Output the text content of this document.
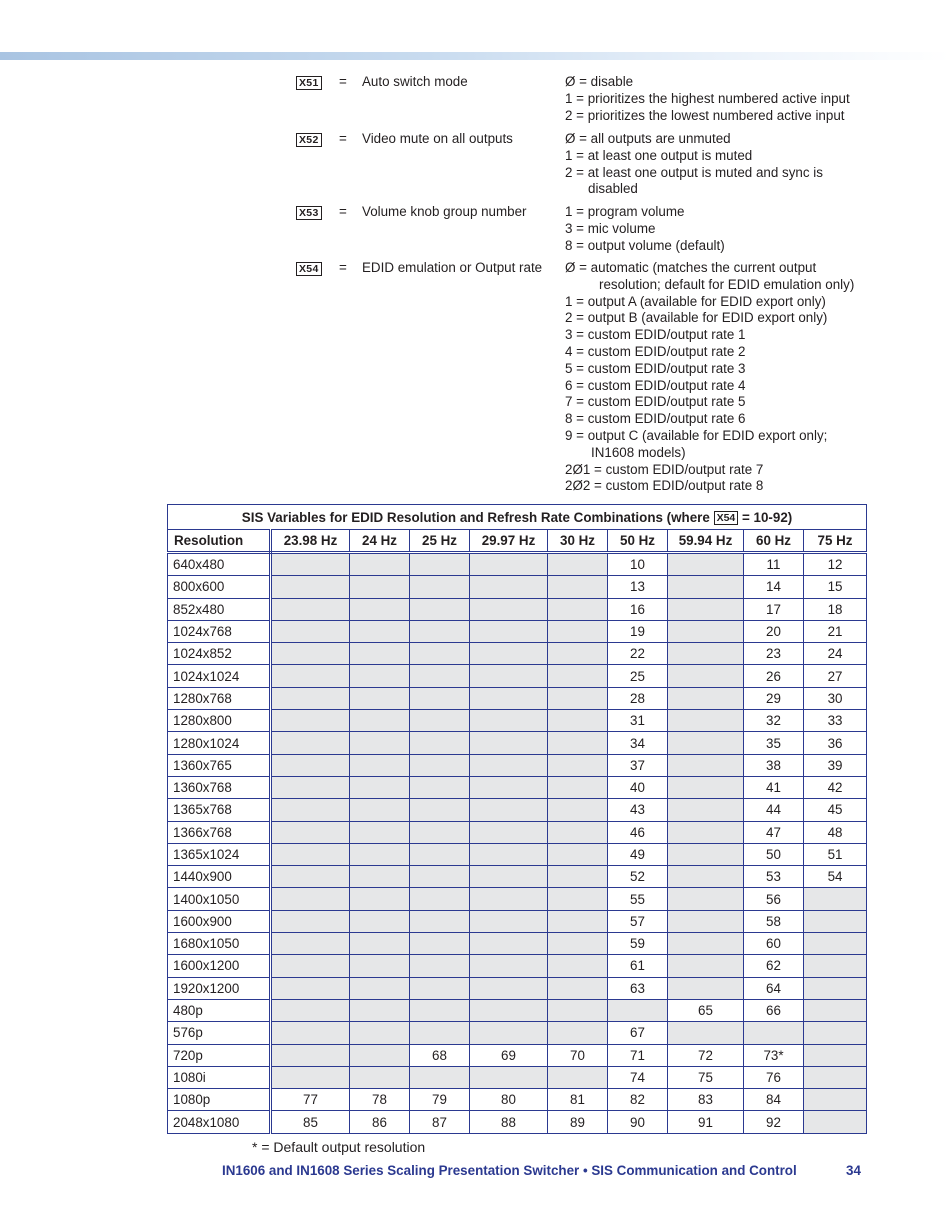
X51 = Auto switch mode	Ø = disable
1 = prioritizes the highest numbered active input
2 = prioritizes the lowest numbered active input
X52 = Video mute on all outputs	Ø = all outputs are unmuted
1 = at least one output is muted
2 = at least one output is muted and sync is
disabled
X53 = Volume knob group number	1 = program volume
3 = mic volume
8 = output volume (default)
X54 = EDID emulation or Output rate	Ø = automatic (matches the current output
resolution; default for EDID emulation only)
1 = output A (available for EDID export only)
2 = output B (available for EDID export only)
3 = custom EDID/output rate 1
4 = custom EDID/output rate 2
5 = custom EDID/output rate 3
6 = custom EDID/output rate 4
7 = custom EDID/output rate 5
8 = custom EDID/output rate 6
9 = output C (available for EDID export only;
IN1608 models)
2Ø1 = custom EDID/output rate 7
2Ø2 = custom EDID/output rate 8
SIS Variables for EDID Resolution and Refresh Rate Combinations (where X54 = 10-92)									
Resolution	23.98 Hz	24 Hz	25 Hz	29.97 Hz	30 Hz	50 Hz	59.94 Hz	60 Hz	75 Hz
640x480						10		11	12
800x600						13		14	15
852x480						16		17	18
1024x768						19		20	21
1024x852						22		23	24
1024x1024						25		26	27
1280x768						28		29	30
1280x800						31		32	33
1280x1024						34		35	36
1360x765						37		38	39
1360x768						40		41	42
1365x768						43		44	45
1366x768						46		47	48
1365x1024						49		50	51
1440x900						52		53	54
1400x1050						55		56	
1600x900						57		58	
1680x1050						59		60	
1600x1200						61		62	
1920x1200						63		64	
480p							65	66	
576p						67			
720p			68	69	70	71	72	73*	
1080i						74	75	76	
1080p	77	78	79	80	81	82	83	84	
2048x1080	85	86	87	88	89	90	91	92	
* = Default output resolution
IN1606 and IN1608 Series Scaling Presentation Switcher • SIS Communication and Control	34
